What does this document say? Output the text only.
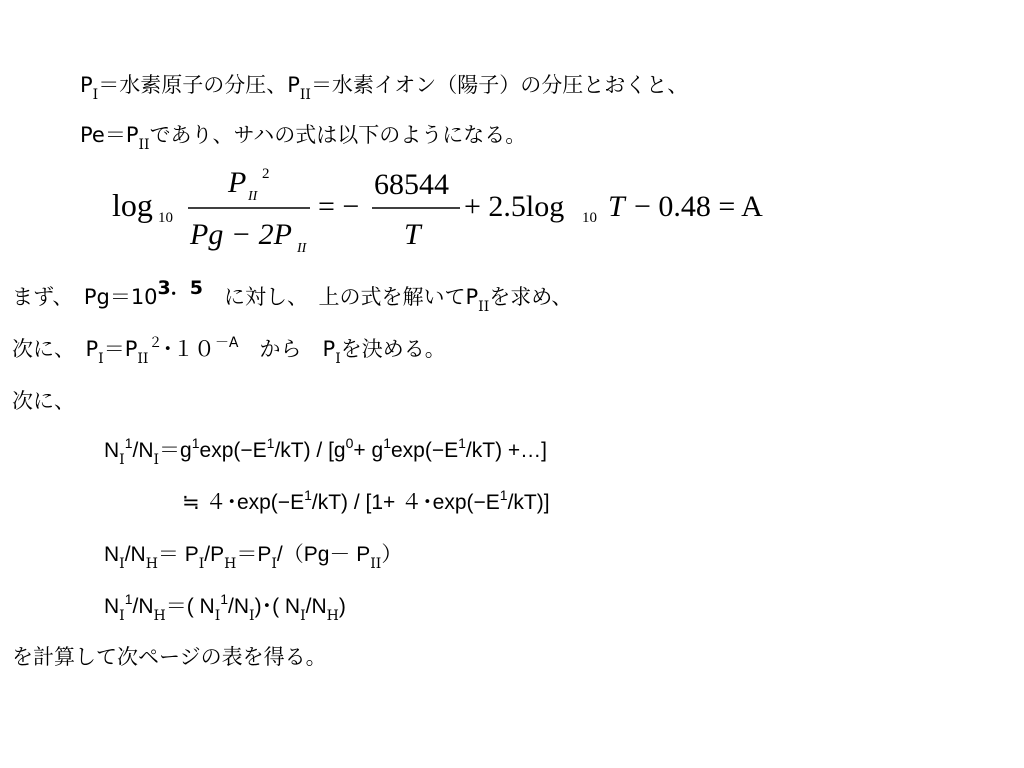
$P_I=$水素原子の分圧、$P_{II}=$水素イオン（陽子）の分圧とおくと、
$Pe=P_{II}$であり、サハの式は以下のようになる。
log 10
P II
2
Pg − 2P II
= −
68544
T
+ 2.5log 10 T − 0.48 = A
まず、　Pg＝103．5　に対し、　上の式を解いて$P_{II}$を求め、
次に、　$P_I=P_{II}^2$･$10^{-A}$　から　$P_I$を決める。
次に、
$N_I^1/N_I=g^1\exp(-E^1/kT) / [g^0+ g^1\exp(-E^1/kT)$ +…]
≒ ４･$\exp(-E^1/kT) / [1+ 4$･$\exp(-E^1/kT)$]
$N_I/N_H= P_I/P_H=P_I/(Pg- P_{II})$
$N_I^1/N_H=$( $N_I^1/N_I$)･( $N_I/N_H$)
を計算して次ページの表を得る。
